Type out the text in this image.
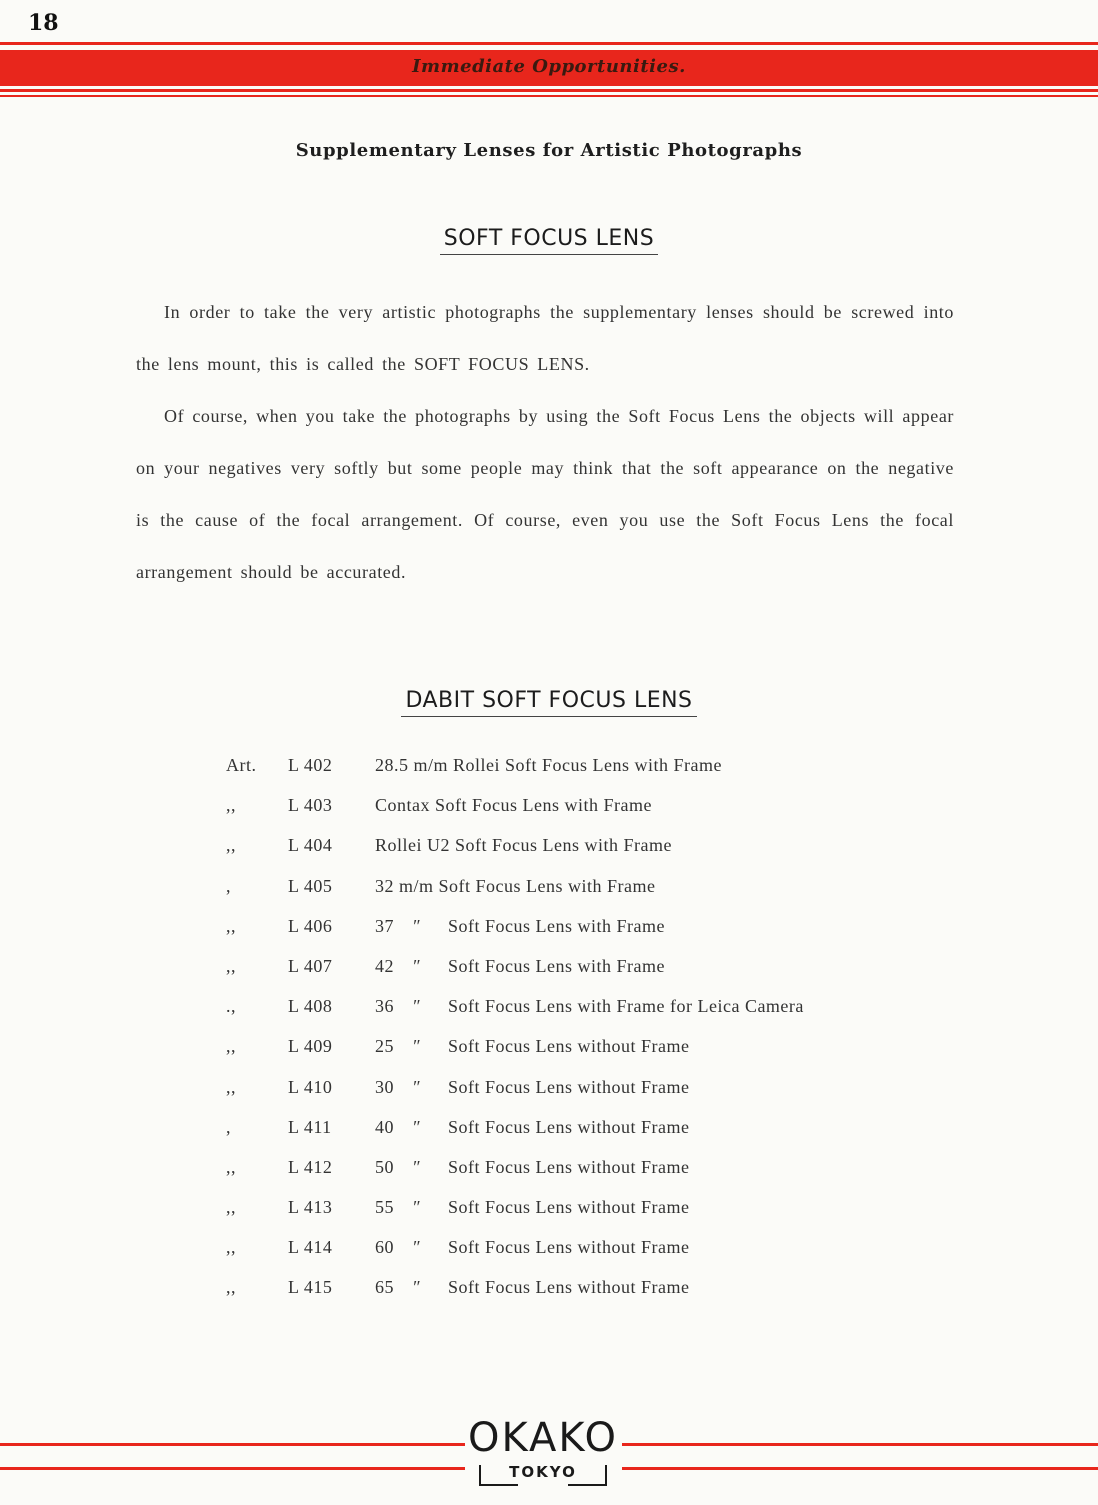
18
Immediate Opportunities.
Supplementary Lenses for Artistic Photographs
SOFT FOCUS LENS

In order to take the very artistic photographs the supplementary lenses should be screwed into the lens mount, this is called the SOFT FOCUS LENS.

Of course, when you take the photographs by using the Soft Focus Lens the objects will appear on your negatives very softly but some people may think that the soft appearance on the negative is the cause of the focal arrangement. Of course, even you use the Soft Focus Lens the focal arrangement should be accurated.

DABIT SOFT FOCUS LENS
Art. L 402 28.5 m/m Rollei Soft Focus Lens with Frame
,,	L 403 Contax Soft Focus Lens with Frame
,,	L 404 Rollei U2 Soft Focus Lens with Frame
,	L 405 32 m/m Soft Focus Lens with Frame
,,	L 406 37 ″ Soft Focus Lens with Frame
,,	L 407 42 ″ Soft Focus Lens with Frame
.,	L 408 36 ″ Soft Focus Lens with Frame for Leica Camera
,,	L 409 25 ″ Soft Focus Lens without Frame
,,	L 410 30 ″ Soft Focus Lens without Frame
,	L 411 40 ″ Soft Focus Lens without Frame
,,	L 412 50 ″ Soft Focus Lens without Frame
,,	L 413 55 ″ Soft Focus Lens without Frame
,,	L 414 60 ″ Soft Focus Lens without Frame
,,	L 415 65 ″ Soft Focus Lens without Frame
OKAKO
TOKYO
